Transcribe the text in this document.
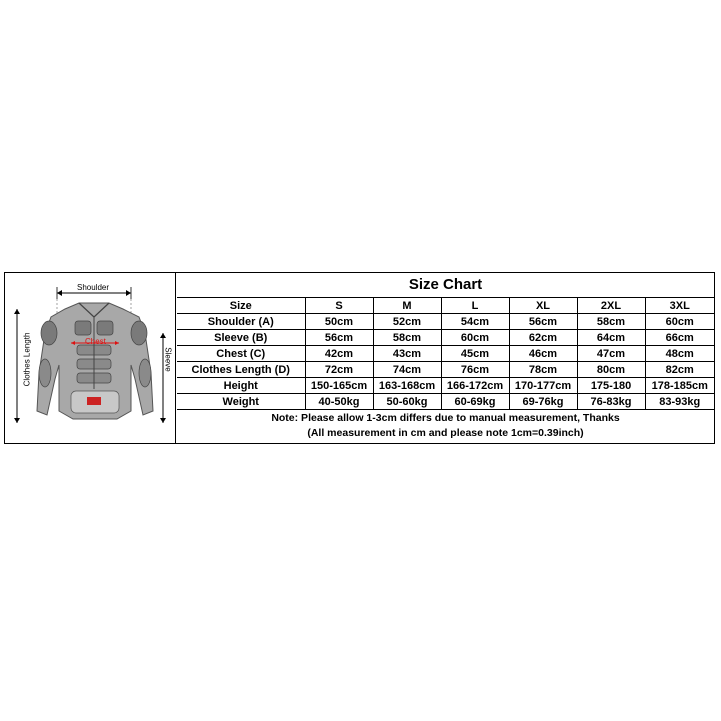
Shoulder
Chest
Clothes Length	Sleeve
Size Chart
Size	S	M	L	XL	2XL	3XL
Shoulder (A)	50cm	52cm	54cm	56cm	58cm	60cm
Sleeve (B)	56cm	58cm	60cm	62cm	64cm	66cm
Chest (C)	42cm	43cm	45cm	46cm	47cm	48cm
Clothes Length (D)	72cm	74cm	76cm	78cm	80cm	82cm
Height	150-165cm	163-168cm	166-172cm	170-177cm	175-180	178-185cm
Weight	40-50kg	50-60kg	60-69kg	69-76kg	76-83kg	83-93kg
Note: Please allow 1-3cm differs due to manual measurement, Thanks
(All measurement in cm and please note 1cm=0.39inch)
